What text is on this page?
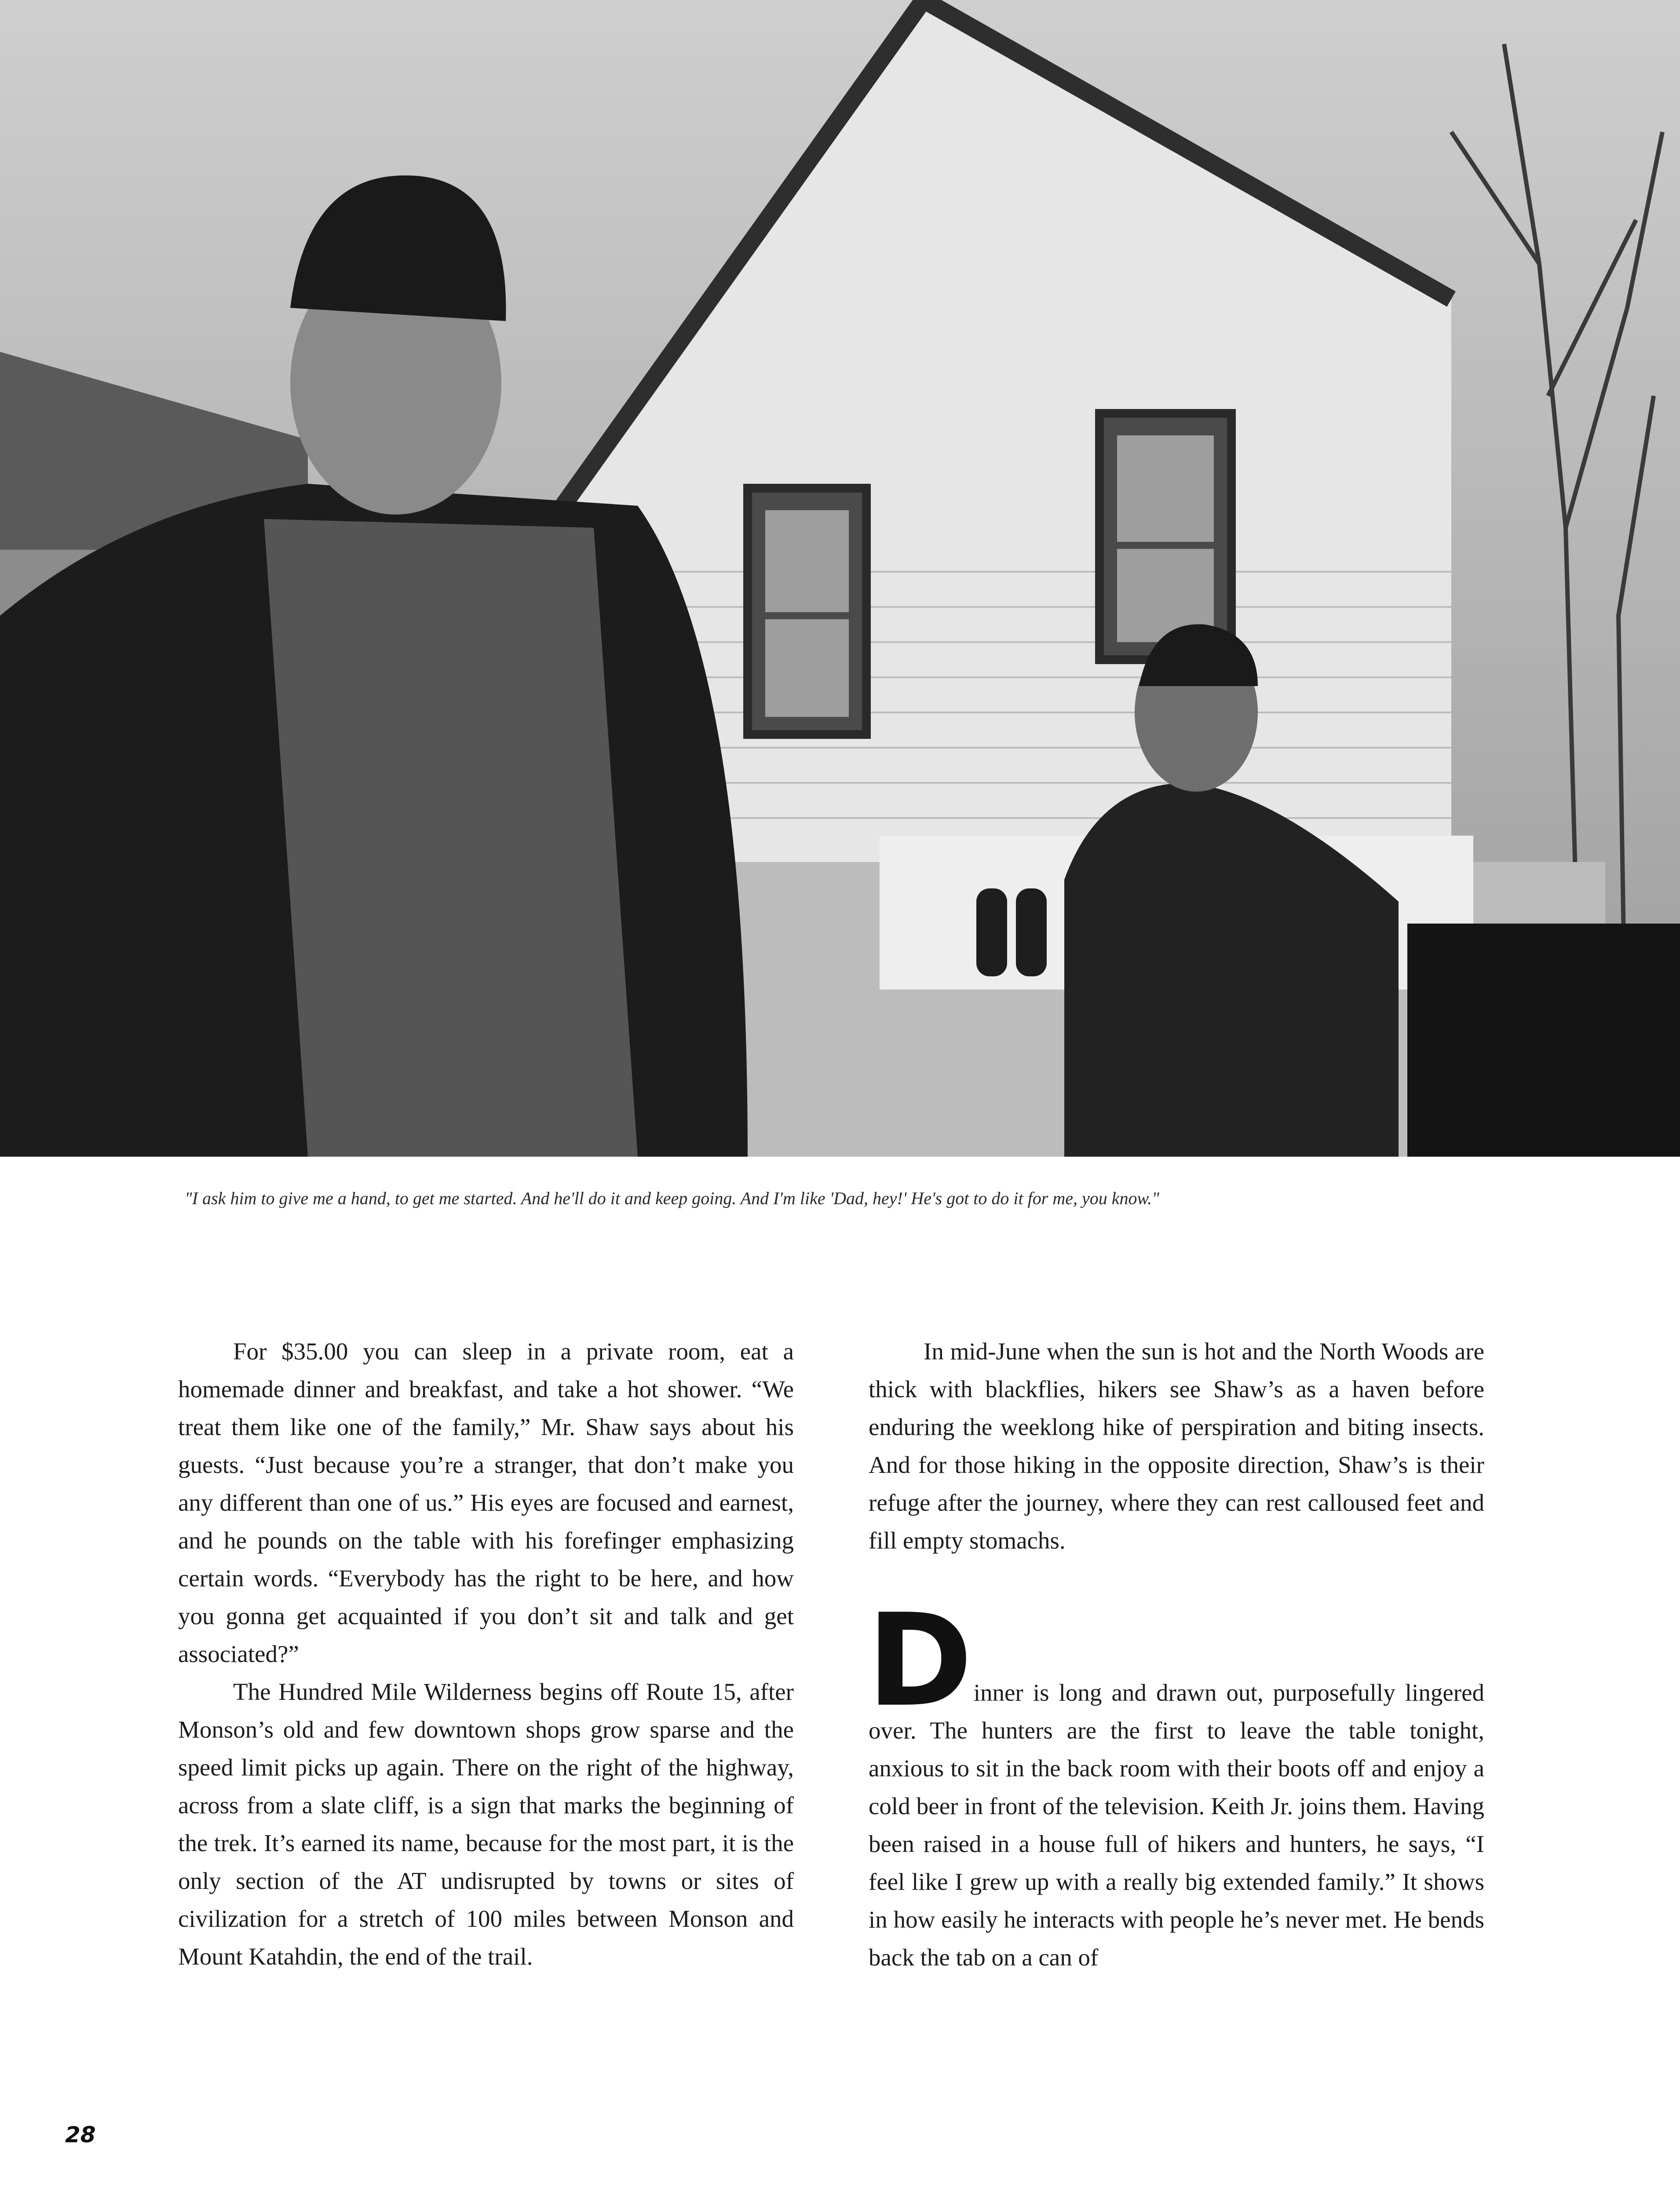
"I ask him to give me a hand, to get me started. And he'll do it and keep going. And I'm like 'Dad, hey!' He's got to do it for me, you know."

For $35.00 you can sleep in a private room, eat a homemade dinner and breakfast, and take a hot shower. “We treat them like one of the family,” Mr. Shaw says about his guests. “Just because you’re a stranger, that don’t make you any different than one of us.” His eyes are focused and earnest, and he pounds on the table with his forefinger emphasizing certain words. “Everybody has the right to be here, and how you gonna get acquainted if you don’t sit and talk and get associated?”

The Hundred Mile Wilderness begins off Route 15, after Monson’s old and few downtown shops grow sparse and the speed limit picks up again. There on the right of the highway, across from a slate cliff, is a sign that marks the beginning of the trek. It’s earned its name, because for the most part, it is the only section of the AT undisrupted by towns or sites of civilization for a stretch of 100 miles between Monson and Mount Katahdin, the end of the trail.

In mid-June when the sun is hot and the North Woods are thick with blackflies, hikers see Shaw’s as a haven before enduring the weeklong hike of perspiration and biting insects. And for those hiking in the opposite direction, Shaw’s is their refuge after the journey, where they can rest calloused feet and fill empty stomachs.

D inner is long and drawn out, purposefully lingered over. The hunters are the first to leave the table tonight, anxious to sit in the back room with their boots off and enjoy a cold beer in front of the television. Keith Jr. joins them. Having been raised in a house full of hikers and hunters, he says, “I feel like I grew up with a really big extended family.” It shows in how easily he interacts with people he’s never met. He bends back the tab on a can of

28
